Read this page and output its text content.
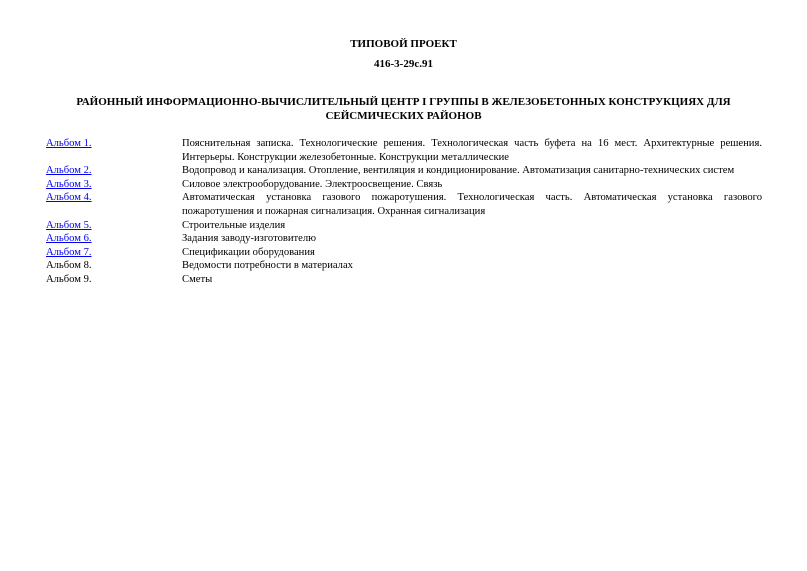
ТИПОВОЙ ПРОЕКТ
416-3-29с.91
РАЙОННЫЙ ИНФОРМАЦИОННО-ВЫЧИСЛИТЕЛЬНЫЙ ЦЕНТР I ГРУППЫ В ЖЕЛЕЗОБЕТОННЫХ КОНСТРУКЦИЯХ ДЛЯ СЕЙСМИЧЕСКИХ РАЙОНОВ
Альбом 1.	Пояснительная записка. Технологические решения. Технологическая часть буфета на 16 мест. Архитектурные решения. Интерьеры. Конструкции железобетонные. Конструкции металлические
Альбом 2.	Водопровод и канализация. Отопление, вентиляция и кондиционирование. Автоматизация санитарно-технических систем
Альбом 3.	Силовое электрооборудование. Электроосвещение. Связь
Альбом 4.	Автоматическая установка газового пожаротушения. Технологическая часть. Автоматическая установка газового пожаротушения и пожарная сигнализация. Охранная сигнализация
Альбом 5.	Строительные изделия
Альбом 6.	Задания заводу-изготовителю
Альбом 7.	Спецификации оборудования
Альбом 8.	Ведомости потребности в материалах
Альбом 9.	Сметы
